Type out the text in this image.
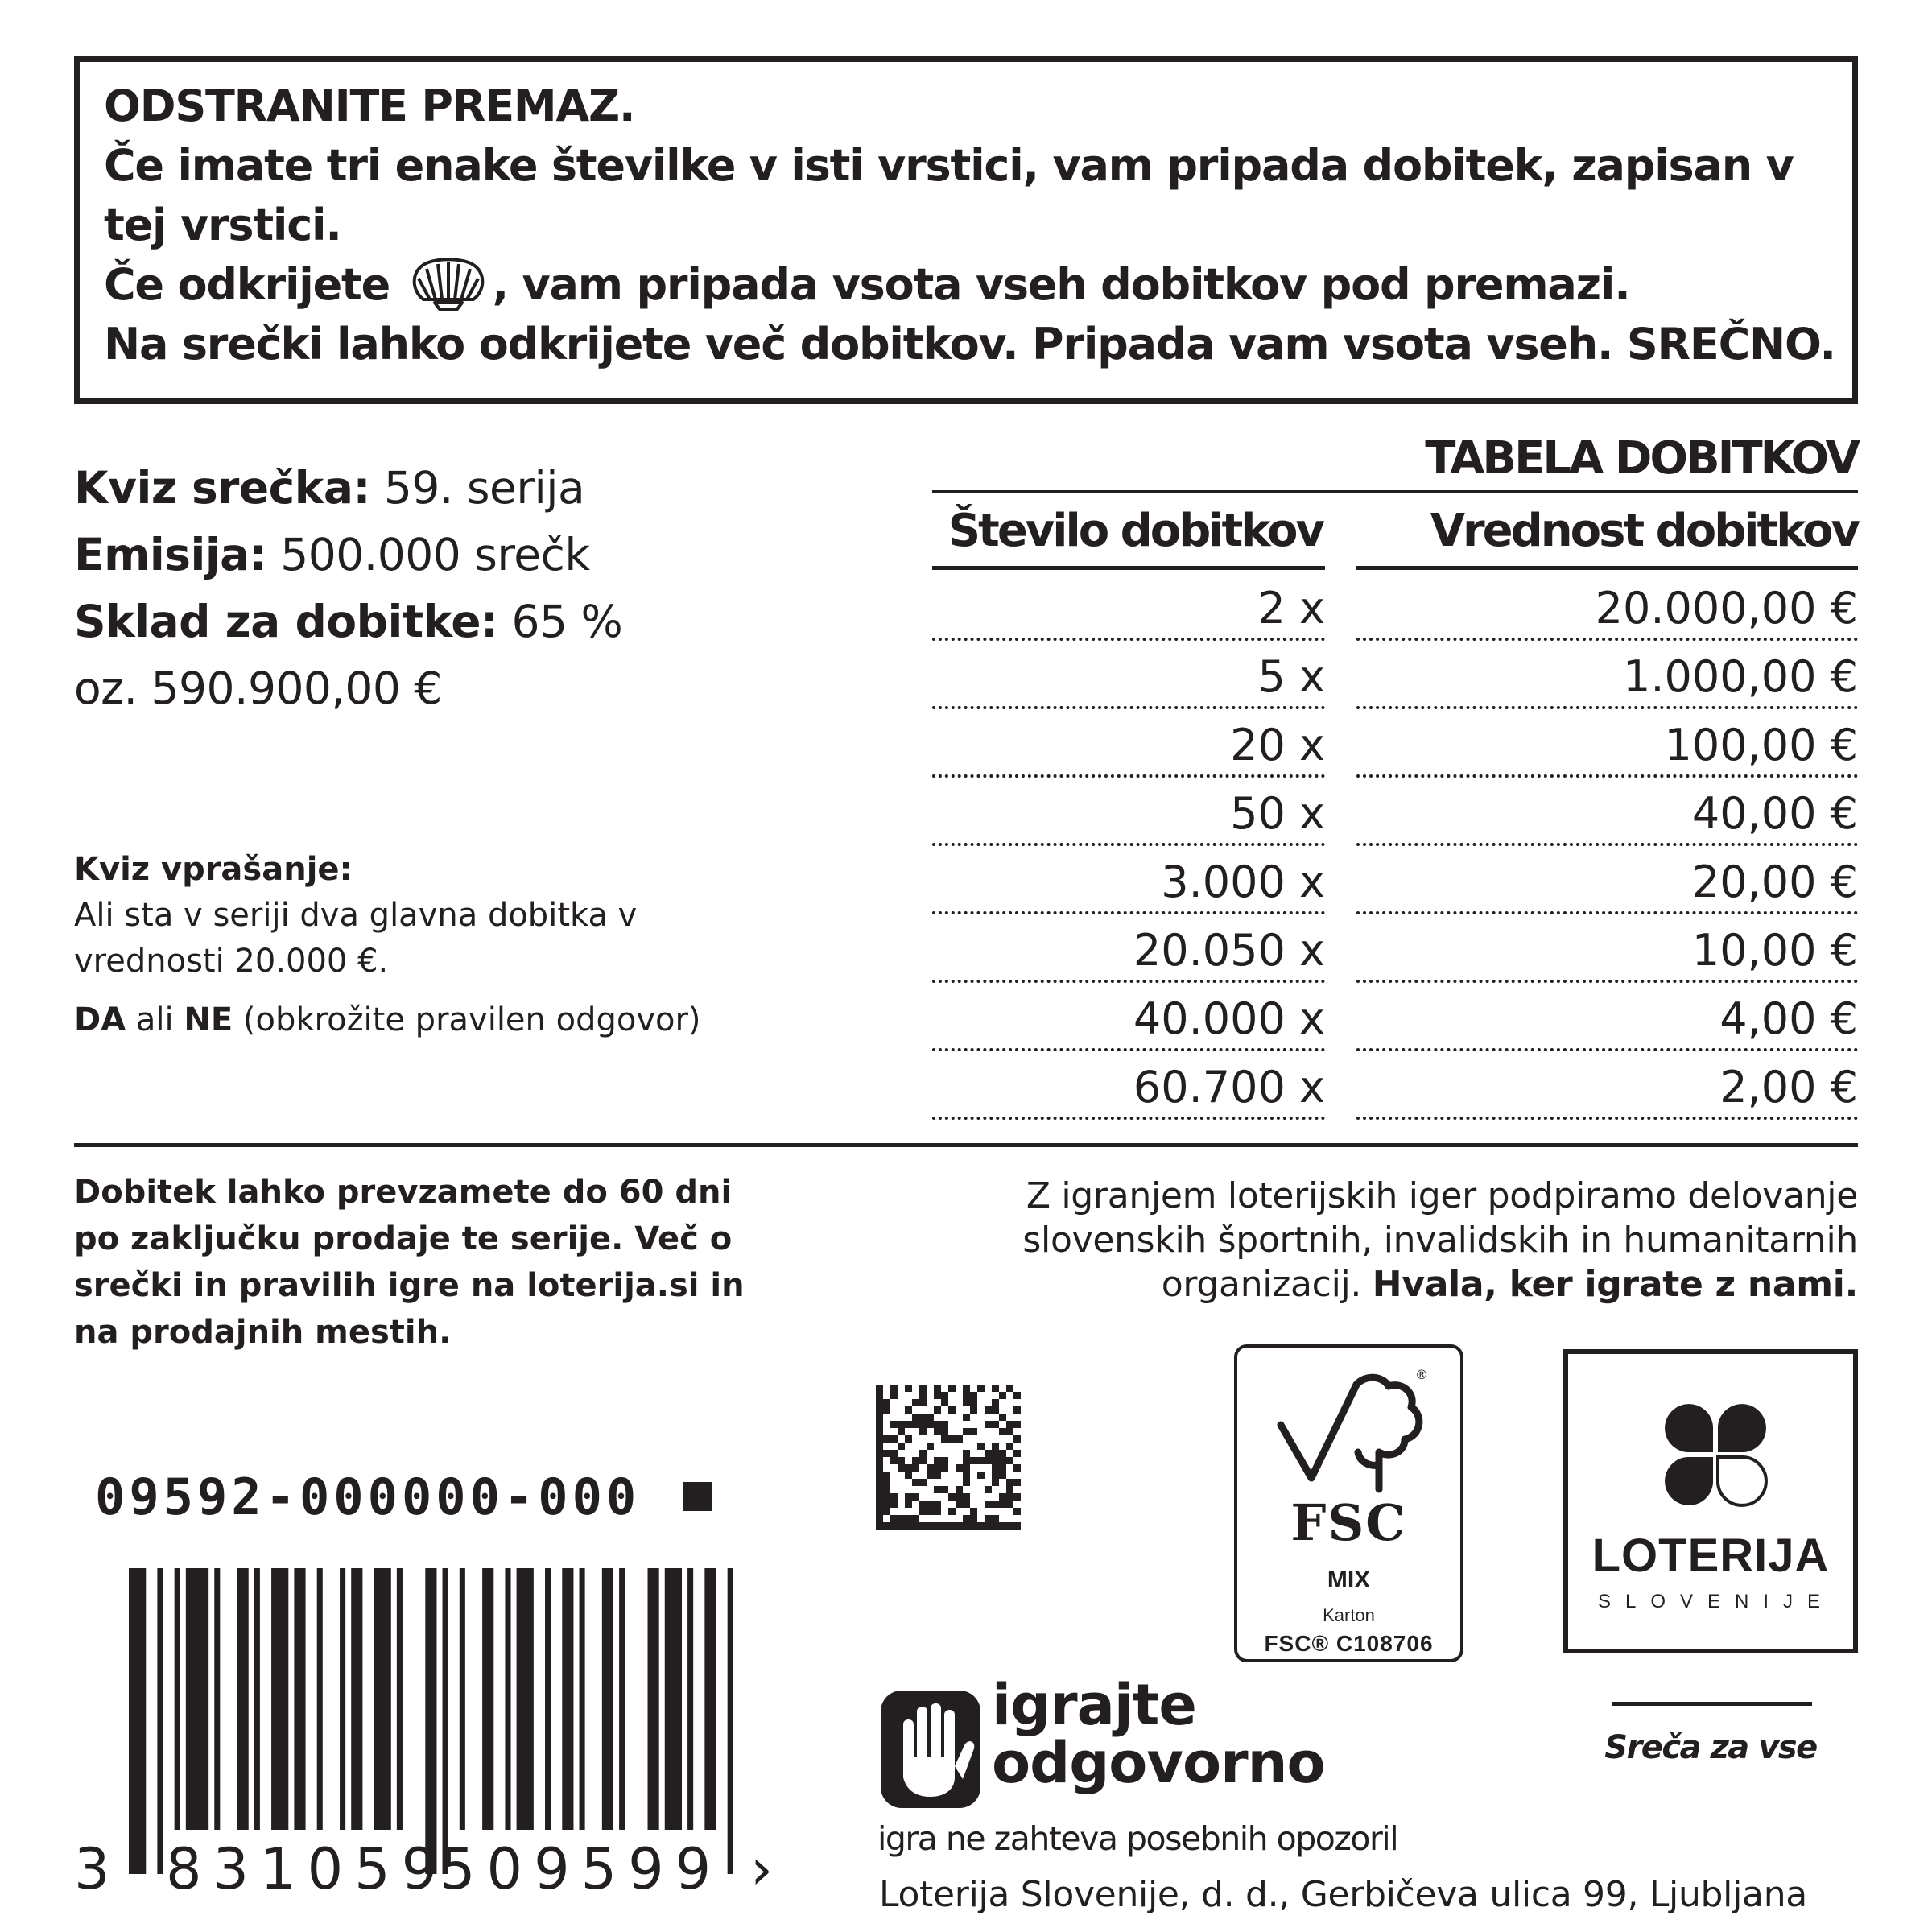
ODSTRANITE PREMAZ.
Če imate tri enake številke v isti vrstici, vam pripada dobitek, zapisan v
tej vrstici.
Če odkrijete , vam pripada vsota vseh dobitkov pod premazi.
Na srečki lahko odkrijete več dobitkov. Pripada vam vsota vseh. SREČNO.
Kviz srečka: 59. serija
Emisija: 500.000 srečk
Sklad za dobitke: 65 %
oz. 590.900,00 €
Kviz vprašanje:
Ali sta v seriji dva glavna dobitka v
vrednosti 20.000 €.
DA ali NE (obkrožite pravilen odgovor)
TABELA DOBITKOV
Število dobitkov	Vrednost dobitkov
2 x	20.000,00 €
5 x	1.000,00 €
20 x	100,00 €
50 x	40,00 €
3.000 x	20,00 €
20.050 x	10,00 €
40.000 x	4,00 €
60.700 x	2,00 €
Dobitek lahko prevzamete do 60 dni
po zaključku prodaje te serije. Več o
srečki in pravilih igre na loterija.si in
na prodajnih mestih.
09592-000000-000
3 831059
509599 ›
Z igranjem loterijskih iger podpiramo delovanje
slovenskih športnih, invalidskih in humanitarnih
organizacij. Hvala, ker igrate z nami.
®
FSC
MIX
Karton
FSC® C108706
LOTERIJA
SLOVENIJE
Sreča za vse
igrajte
odgovorno
igra ne zahteva posebnih opozoril
Loterija Slovenije, d. d., Gerbičeva ulica 99, Ljubljana
